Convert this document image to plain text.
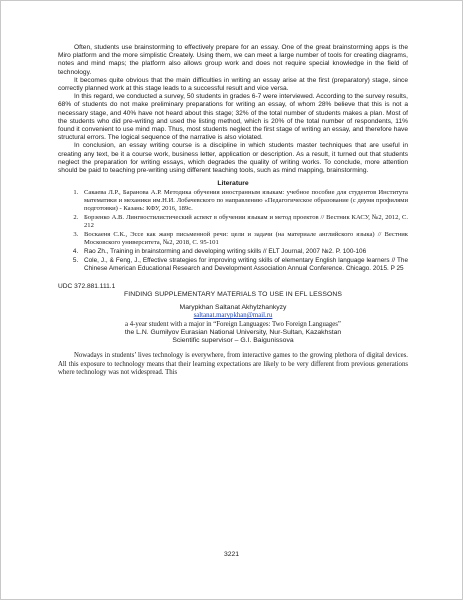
Often, students use brainstorming to effectively prepare for an essay. One of the great brainstorming apps is the Miro platform and the more simplistic Creately. Using them, we can meet a large number of tools for creating diagrams, notes and mind maps; the platform also allows group work and does not require special knowledge in the field of technology.

It becomes quite obvious that the main difficulties in writing an essay arise at the first (preparatory) stage, since correctly planned work at this stage leads to a successful result and vice versa.

In this regard, we conducted a survey, 50 students in grades 6-7 were interviewed. According to the survey results, 68% of students do not make preliminary preparations for writing an essay, of whom 28% believe that this is not a necessary stage, and 40% have not heard about this stage; 32% of the total number of students makes a plan. Most of the students who did pre-writing and used the listing method, which is 20% of the total number of respondents, 11% found it convenient to use mind map. Thus, most students neglect the first stage of writing an essay, and therefore have structural errors. The logical sequence of the narrative is also violated.

In conclusion, an essay writing course is a discipline in which students master techniques that are useful in creating any text, be it a course work, business letter, application or description. As a result, it turned out that students neglect the preparation for writing essays, which degrades the quality of writing works. To conclude, more attention should be paid to teaching pre-writing using different teaching tools, such as mind mapping, brainstorming.

Literature
1. Сакаева Л.Р., Баранова А.Р. Методика обучения иностранным языкам: учебное пособие для студентов Института математики и механики им.Н.И. Лобачевского по направлению «Педагогическое образование (с двумя профилями подготовки) - Казань: КФУ, 2016, 189с.
2. Борзенко А.В. Лингвостилистический аспект в обучении языкам и метод проектов // Вестник КАСУ, №2, 2012, С. 212
3. Воскаеня С.К., Эссе как жанр письменной речи: цели и задачи (на материале английского языка) // Вестник Московского университета, №2, 2018, С. 95-101
4. Rao Zh., Training in brainstorming and developing writing skills // ELT Journal, 2007 №2. P. 100-106
5. Cole, J., & Feng, J., Effective strategies for improving writing skills of elementary English language learners // The Chinese American Educational Research and Development Association Annual Conference. Chicago. 2015. P 25
UDC 372.881.111.1
FINDING SUPPLEMENTARY MATERIALS TO USE IN EFL LESSONS
Marypkhan Saltanat Akhylzhankyzy
saltanat.marypkhan@mail.ru
a 4-year student with a major in “Foreign Languages: Two Foreign Languages”
the L.N. Gumilyov Eurasian National University, Nur-Sultan, Kazakhstan
Scientific supervisor – G.I. Baigunissova

Nowadays in students’ lives technology is everywhere, from interactive games to the growing plethora of digital devices. All this exposure to technology means that their learning expectations are likely to be very different from previous generations where technology was not widespread. This

3221
